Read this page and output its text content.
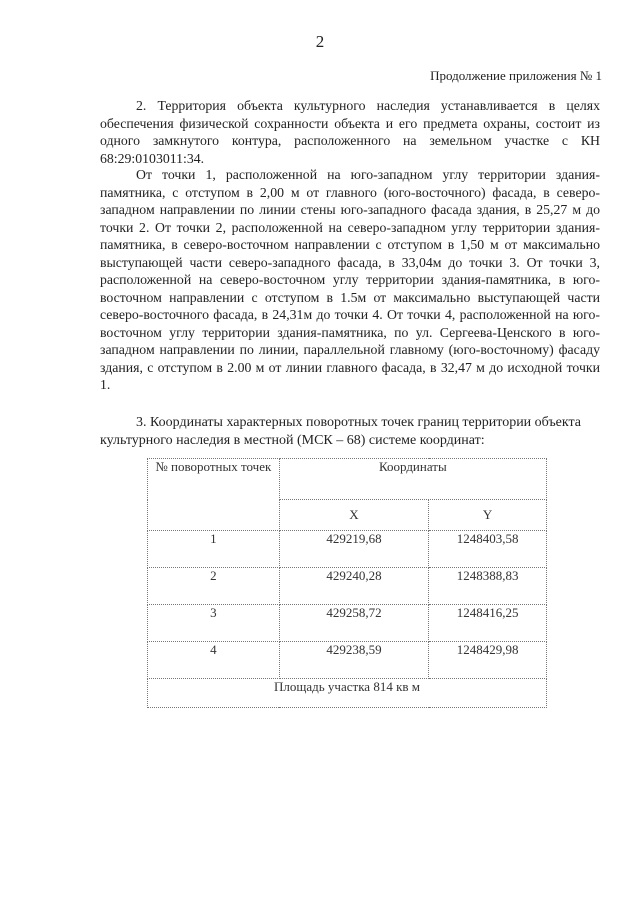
2
Продолжение приложения № 1

2. Территория объекта культурного наследия устанавливается в целях обеспечения физической сохранности объекта и его предмета охраны, состоит из одного замкнутого контура, расположенного на земельном участке с КН 68:29:0103011:34.

От точки 1, расположенной на юго-западном углу территории здания-памятника, с отступом в 2,00 м от главного (юго-восточного) фасада, в северо-западном направлении по линии стены юго-западного фасада здания, в 25,27 м до точки 2. От точки 2, расположенной на северо-западном углу территории здания-памятника, в северо-восточном направлении с отступом в 1,50 м от максимально выступающей части северо-западного фасада, в 33,04м до точки 3. От точки 3, расположенной на северо-восточном углу территории здания-памятника, в юго-восточном направлении с отступом в 1.5м от максимально выступающей части северо-восточного фасада, в 24,31м до точки 4. От точки 4, расположенной на юго-восточном углу территории здания-памятника, по ул. Сергеева-Ценского в юго-западном направлении по линии, параллельной главному (юго-восточному) фасаду здания, с отступом в 2.00 м от линии главного фасада, в 32,47 м до исходной точки 1.

3. Координаты характерных поворотных точек границ территории объекта культурного наследия в местной (МСК – 68) системе координат:

№ поворотных точек	Координаты	
	X	Y
1	429219,68	1248403,58
2	429240,28	1248388,83
3	429258,72	1248416,25
4	429238,59	1248429,98
Площадь участка 814 кв м		
